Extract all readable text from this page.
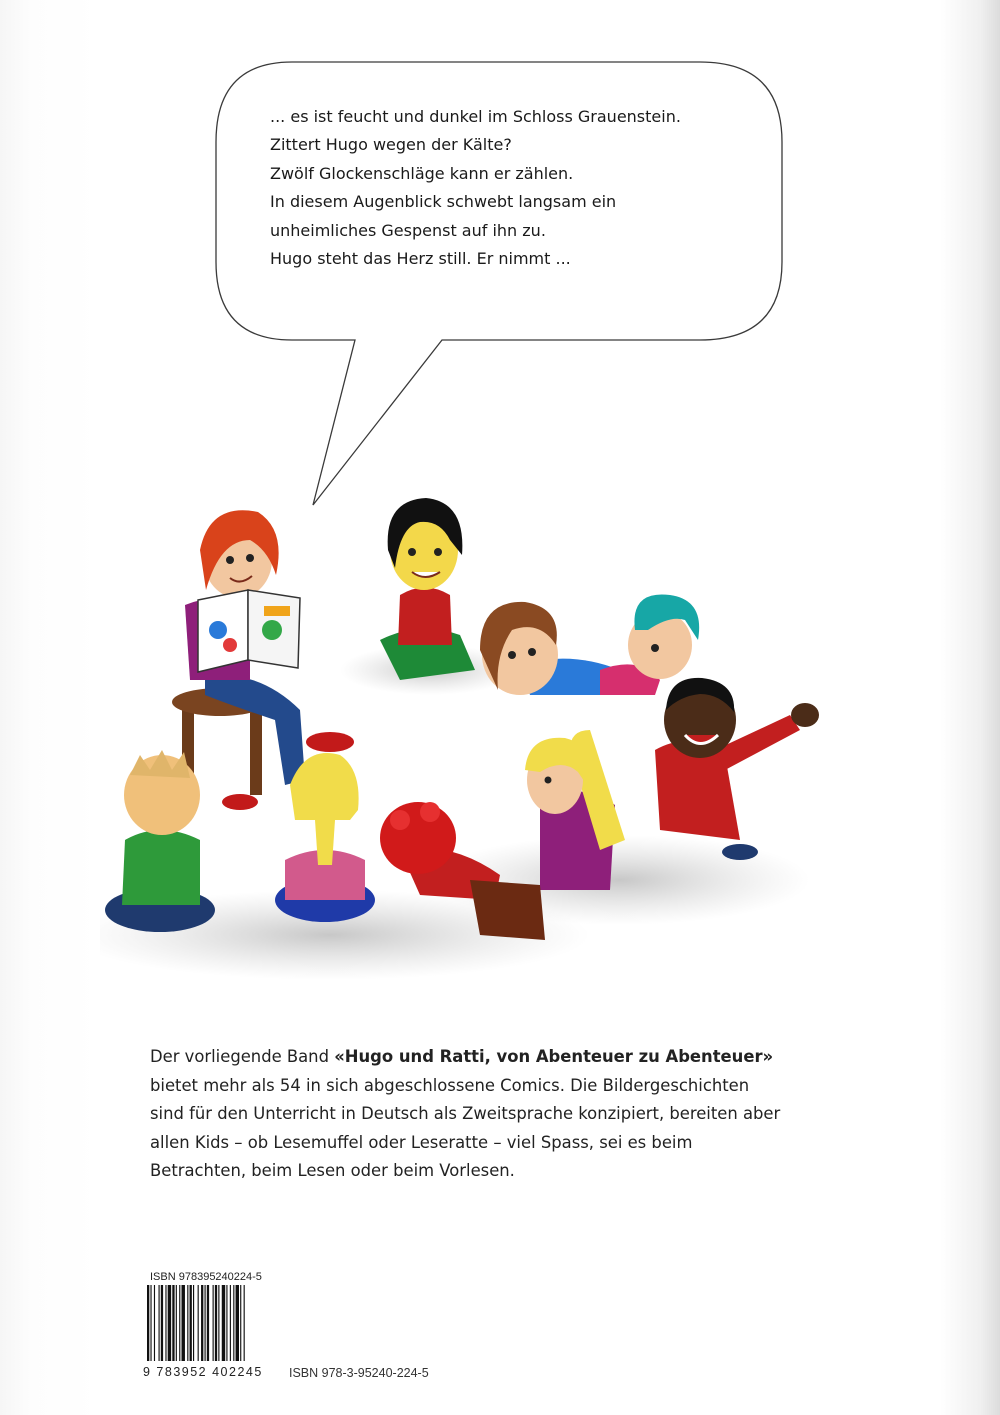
... es ist feucht und dunkel im Schloss Grauenstein.
Zittert Hugo wegen der Kälte?
Zwölf Glockenschläge kann er zählen.
In diesem Augenblick schwebt langsam ein
unheimliches Gespenst auf ihn zu.
Hugo steht das Herz still. Er nimmt ...
Der vorliegende Band «Hugo und Ratti, von Abenteuer zu Abenteuer»
bietet mehr als 54 in sich abgeschlossene Comics. Die Bildergeschichten
sind für den Unterricht in Deutsch als Zweitsprache konzipiert, bereiten aber
allen Kids – ob Lesemuffel oder Leseratte – viel Spass, sei es beim
Betrachten, beim Lesen oder beim Vorlesen.
ISBN 978395240224-5
9 783952 402245	ISBN 978-3-95240-224-5
